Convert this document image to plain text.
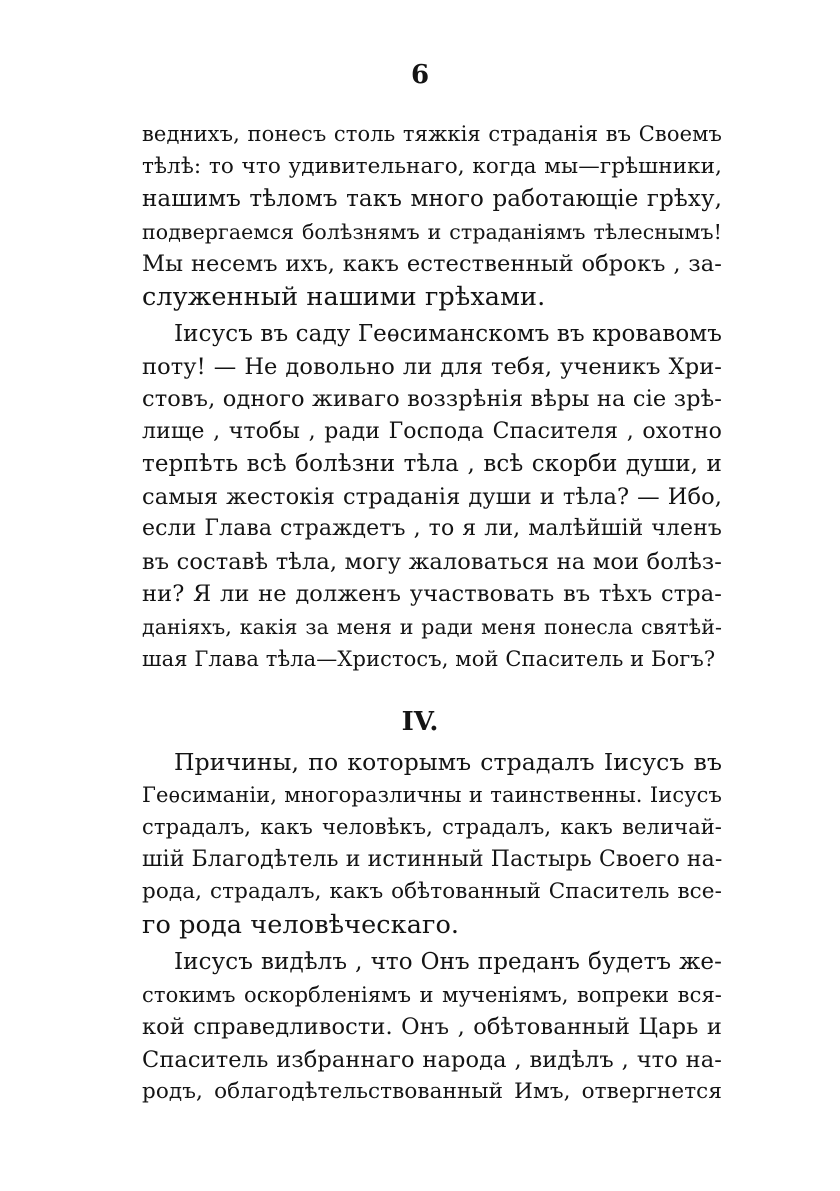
6
веднихъ, понесъ столь тяжкія страданія въ Своемъ
тѣлѣ: то что удивительнаго, когда мы—грѣшники,
нашимъ тѣломъ такъ много работающіе грѣху,
подвергаемся болѣзнямъ и страданіямъ тѣлеснымъ!
Мы несемъ ихъ, какъ естественный оброкъ , за-
служенный нашими грѣхами.
Іисусъ въ саду Геѳсиманскомъ въ кровавомъ
поту! — Не довольно ли для тебя, ученикъ Хри-
стовъ, одного живаго воззрѣнія вѣры на сіе зрѣ-
лище , чтобы , ради Господа Спасителя , охотно
терпѣть всѣ болѣзни тѣла , всѣ скорби души, и
самыя жестокія страданія души и тѣла? — Ибо,
если Глава страждетъ , то я ли, малѣйшій членъ
въ составѣ тѣла, могу жаловаться на мои болѣз-
ни? Я ли не долженъ участвовать въ тѣхъ стра-
даніяхъ, какія за меня и ради меня понесла святѣй-
шая Глава тѣла—Христосъ, мой Спаситель и Богъ?
IV.
Причины, по которымъ страдалъ Іисусъ въ
Геѳсиманіи, многоразличны и таинственны. Іисусъ
страдалъ, какъ человѣкъ, страдалъ, какъ величай-
шій Благодѣтель и истинный Пастырь Своего на-
рода, страдалъ, какъ обѣтованный Спаситель все-
го рода человѣческаго.
Іисусъ видѣлъ , что Онъ преданъ будетъ же-
стокимъ оскорбленіямъ и мученіямъ, вопреки вся-
кой справедливости. Онъ , обѣтованный Царь и
Спаситель избраннаго народа , видѣлъ , что на-
родъ, облагодѣтельствованный Имъ, отвергнется
